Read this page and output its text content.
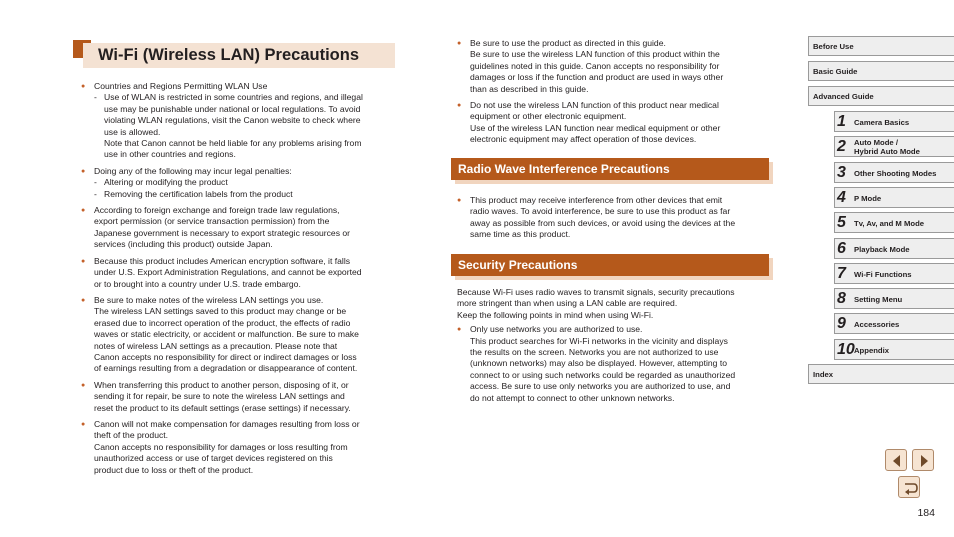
Wi-Fi (Wireless LAN) Precautions
● Countries and Regions Permitting WLAN Use
- Use of WLAN is restricted in some countries and regions, and illegal
use may be punishable under national or local regulations. To avoid
violating WLAN regulations, visit the Canon website to check where
use is allowed.
Note that Canon cannot be held liable for any problems arising from
use in other countries and regions.
● Doing any of the following may incur legal penalties:
- Altering or modifying the product
- Removing the certification labels from the product
● According to foreign exchange and foreign trade law regulations,
export permission (or service transaction permission) from the
Japanese government is necessary to export strategic resources or
services (including this product) outside Japan.
● Because this product includes American encryption software, it falls
under U.S. Export Administration Regulations, and cannot be exported
or to brought into a country under U.S. trade embargo.
● Be sure to make notes of the wireless LAN settings you use.
The wireless LAN settings saved to this product may change or be
erased due to incorrect operation of the product, the effects of radio
waves or static electricity, or accident or malfunction. Be sure to make
notes of wireless LAN settings as a precaution. Please note that
Canon accepts no responsibility for direct or indirect damages or loss
of earnings resulting from a degradation or disappearance of content.
● When transferring this product to another person, disposing of it, or
sending it for repair, be sure to note the wireless LAN settings and
reset the product to its default settings (erase settings) if necessary.
● Canon will not make compensation for damages resulting from loss or
theft of the product.
Canon accepts no responsibility for damages or loss resulting from
unauthorized access or use of target devices registered on this
product due to loss or theft of the product.
● Be sure to use the product as directed in this guide.
Be sure to use the wireless LAN function of this product within the
guidelines noted in this guide. Canon accepts no responsibility for
damages or loss if the function and product are used in ways other
than as described in this guide.
● Do not use the wireless LAN function of this product near medical
equipment or other electronic equipment.
Use of the wireless LAN function near medical equipment or other
electronic equipment may affect operation of those devices.
Radio Wave Interference Precautions
● This product may receive interference from other devices that emit
radio waves. To avoid interference, be sure to use this product as far
away as possible from such devices, or avoid using the devices at the
same time as this product.
Security Precautions
Because Wi-Fi uses radio waves to transmit signals, security precautions
more stringent than when using a LAN cable are required.
Keep the following points in mind when using Wi-Fi.
● Only use networks you are authorized to use.
This product searches for Wi-Fi networks in the vicinity and displays
the results on the screen. Networks you are not authorized to use
(unknown networks) may also be displayed. However, attempting to
connect to or using such networks could be regarded as unauthorized
access. Be sure to use only networks you are authorized to use, and
do not attempt to connect to other unknown networks.
Before Use
Basic Guide
Advanced Guide
1 Camera Basics
2 Auto Mode /
Hybrid Auto Mode
3 Other Shooting Modes
4 P Mode
5 Tv, Av, and M Mode
6 Playback Mode
7 Wi-Fi Functions
8 Setting Menu
9 Accessories
10 Appendix
Index
184
